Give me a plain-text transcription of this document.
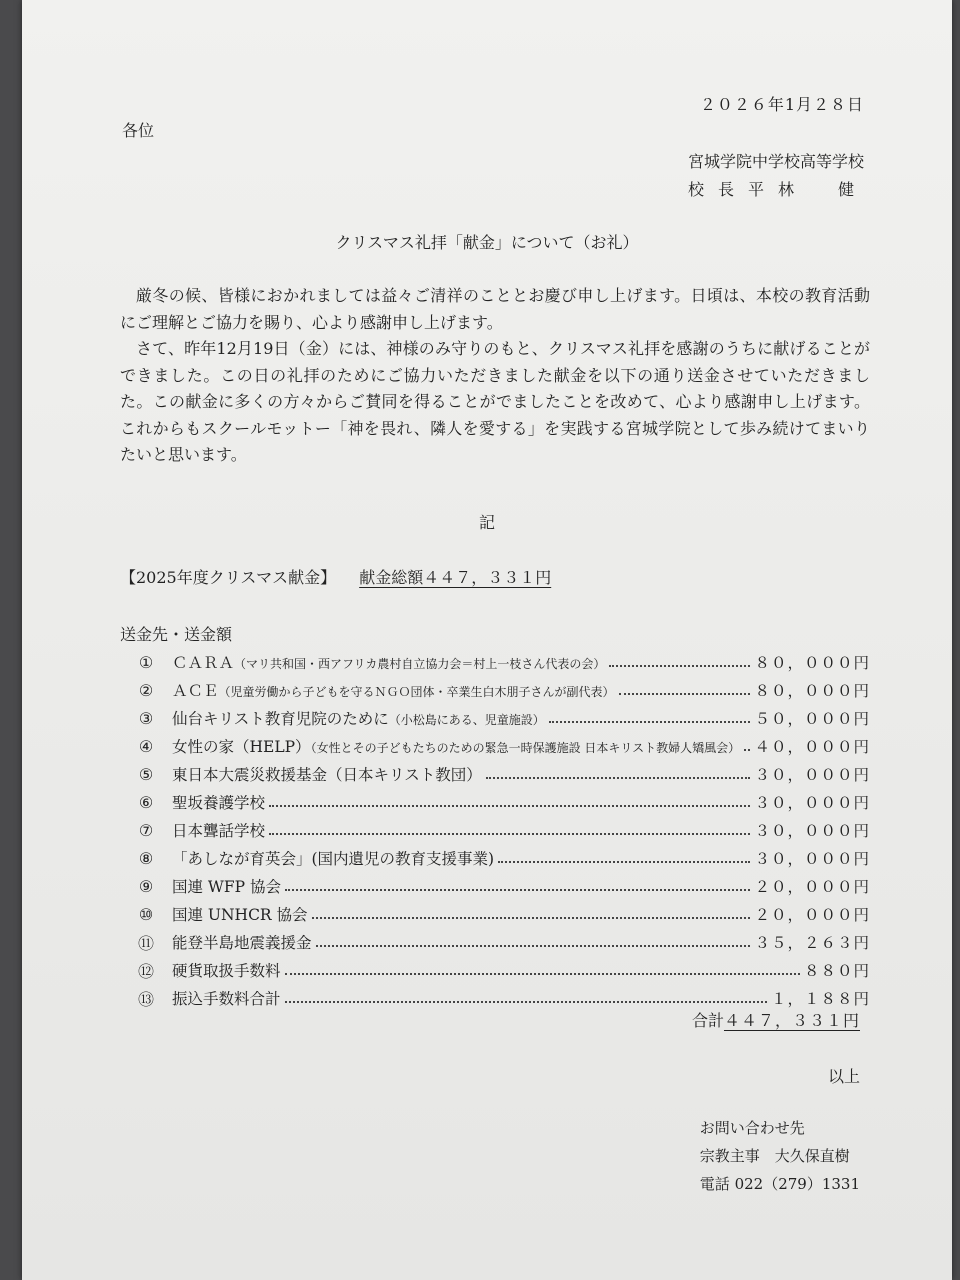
２０２６年1月２８日
各位
宮城学院中学校高等学校
校長平林　健
クリスマス礼拝「献金」について（お礼）

厳冬の候、皆様におかれましては益々ご清祥のこととお慶び申し上げます。日頃は、本校の教育活動にご理解とご協力を賜り、心より感謝申し上げます。

さて、昨年12月19日（金）には、神様のみ守りのもと、クリスマス礼拝を感謝のうちに献げることができました。この日の礼拝のためにご協力いただきました献金を以下の通り送金させていただきました。この献金に多くの方々からご賛同を得ることがでましたことを改めて、心より感謝申し上げます。これからもスクールモットー「神を畏れ、隣人を愛する」を実践する宮城学院として歩み続けてまいりたいと思います。

記
【2025年度クリスマス献金】 献金総額４４７，３３１円
送金先・送金額
①	ＣＡＲＡ（マリ共和国・西アフリカ農村自立協力会＝村上一枝さん代表の会）	８０，０００円
②	ＡＣＥ（児童労働から子どもを守るＮＧＯ団体・卒業生白木朋子さんが副代表）	８０，０００円
③	仙台キリスト教育児院のために（小松島にある、児童施設）	５０，０００円
④	女性の家（HELP）（女性とその子どもたちのための緊急一時保護施設 日本キリスト教婦人矯風会） ４０，０００円
⑤	東日本大震災救援基金（日本キリスト教団）	３０，０００円
⑥	聖坂養護学校	３０，０００円
⑦	日本聾話学校	３０，０００円
⑧	「あしなが育英会」(国内遺児の教育支援事業)	３０，０００円
⑨	国連 WFP 協会	２０，０００円
⑩	国連 UNHCR 協会	２０，０００円
⑪	能登半島地震義援金	３５，２６３円
⑫	硬貨取扱手数料	８８０円
⑬	振込手数料合計	１，１８８円
合計４４７，３３１円
以上
お問い合わせ先
宗教主事　大久保直樹
電話 022（279）1331
